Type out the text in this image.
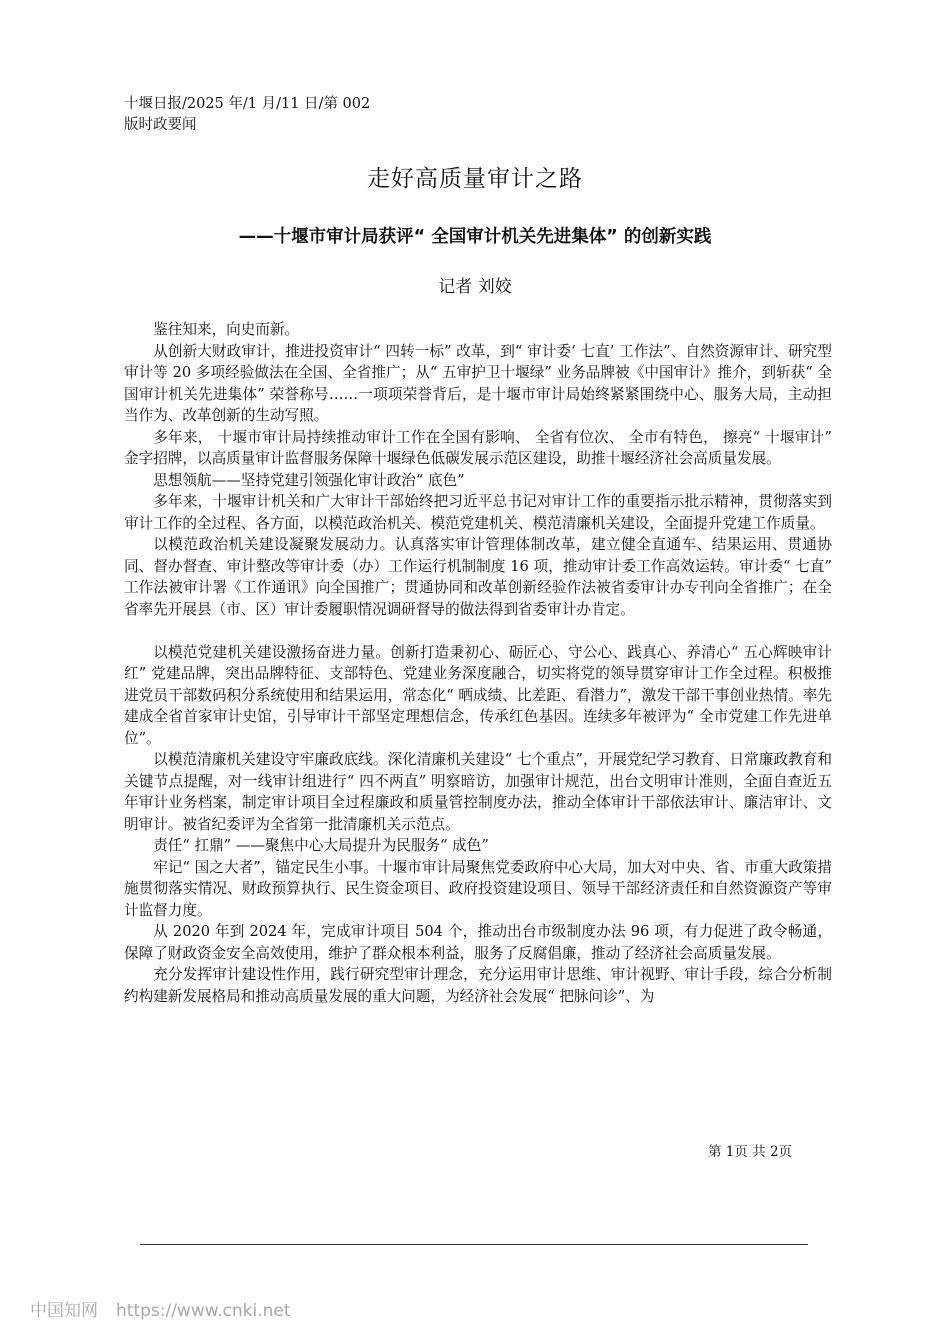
十堰日报/2025 年/1 月/11 日/第 002
版时政要闻
走好高质量审计之路
——十堰市审计局获评“ 全国审计机关先进集体” 的创新实践
记者 刘姣

鉴往知来，向史而新。

从创新大财政审计，推进投资审计“ 四转一标” 改革，到“ 审计委‘ 七直’ 工作法”、自然资源审计、研究型审计等 20 多项经验做法在全国、全省推广；从“ 五审护卫十堰绿” 业务品牌被《中国审计》推介，到斩获“ 全国审计机关先进集体” 荣誉称号……一项项荣誉背后，是十堰市审计局始终紧紧围绕中心、服务大局，主动担当作为、改革创新的生动写照。

多年来， 十堰市审计局持续推动审计工作在全国有影响、 全省有位次、 全市有特色， 擦亮“ 十堰审计” 金字招牌，以高质量审计监督服务保障十堰绿色低碳发展示范区建设，助推十堰经济社会高质量发展。

思想领航——坚持党建引领强化审计政治“ 底色”

多年来，十堰审计机关和广大审计干部始终把习近平总书记对审计工作的重要指示批示精神，贯彻落实到审计工作的全过程、各方面，以模范政治机关、模范党建机关、模范清廉机关建设，全面提升党建工作质量。

以模范政治机关建设凝聚发展动力。认真落实审计管理体制改革，建立健全直通车、结果运用、贯通协同、督办督查、审计整改等审计委（办）工作运行机制制度 16 项，推动审计委工作高效运转。审计委“ 七直” 工作法被审计署《工作通讯》向全国推广；贯通协同和改革创新经验作法被省委审计办专刊向全省推广；在全省率先开展县（市、区）审计委履职情况调研督导的做法得到省委审计办肯定。

以模范党建机关建设激扬奋进力量。创新打造秉初心、砺匠心、守公心、践真心、养清心“ 五心辉映审计红” 党建品牌，突出品牌特征、支部特色、党建业务深度融合，切实将党的领导贯穿审计工作全过程。积极推进党员干部数码积分系统使用和结果运用，常态化“ 晒成绩、比差距、看潜力”，激发干部干事创业热情。率先建成全省首家审计史馆，引导审计干部坚定理想信念，传承红色基因。连续多年被评为“ 全市党建工作先进单位”。

以模范清廉机关建设守牢廉政底线。深化清廉机关建设“ 七个重点”，开展党纪学习教育、日常廉政教育和关键节点提醒，对一线审计组进行“ 四不两直” 明察暗访，加强审计规范，出台文明审计准则，全面自查近五年审计业务档案，制定审计项目全过程廉政和质量管控制度办法，推动全体审计干部依法审计、廉洁审计、文明审计。被省纪委评为全省第一批清廉机关示范点。

责任“ 扛鼎” ——聚焦中心大局提升为民服务“ 成色”

牢记“ 国之大者”，锚定民生小事。十堰市审计局聚焦党委政府中心大局，加大对中央、省、市重大政策措施贯彻落实情况、财政预算执行、民生资金项目、政府投资建设项目、领导干部经济责任和自然资源资产等审计监督力度。

从 2020 年到 2024 年，完成审计项目 504 个，推动出台市级制度办法 96 项，有力促进了政令畅通，保障了财政资金安全高效使用，维护了群众根本利益，服务了反腐倡廉，推动了经济社会高质量发展。

充分发挥审计建设性作用，践行研究型审计理念，充分运用审计思维、审计视野、审计手段，综合分析制约构建新发展格局和推动高质量发展的重大问题，为经济社会发展“ 把脉问诊”、为

第 1页 共 2页
中国知网 https://www.cnki.net
